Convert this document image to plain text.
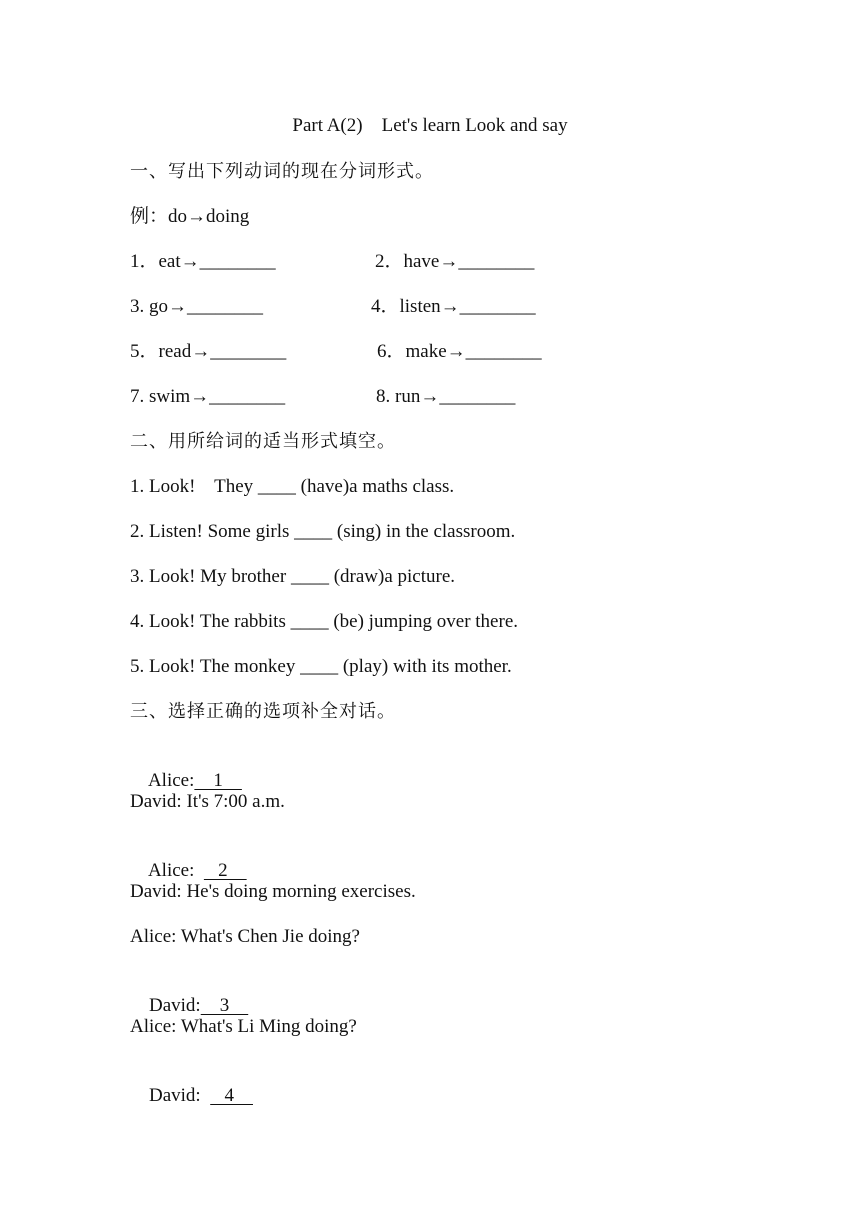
Part A(2)    Let's learn Look and say
一、写出下列动词的现在分词形式。
例：do→doing
1．eat→________	2．have→________
3. go→________	4．listen→________
5．read→________	6．make→________
7. swim→________	8. run→________
二、用所给词的适当形式填空。
1. Look!    They ____ (have)a maths class.
2. Listen! Some girls ____ (sing) in the classroom.
3. Look! My brother ____ (draw)a picture.
4. Look! The rabbits ____ (be) jumping over there.
5. Look! The monkey ____ (play) with its mother.
三、选择正确的选项补全对话。

Alice:    1

David: It's 7:00 a.m.

Alice:     2

David: He's doing morning exercises.
Alice: What's Chen Jie doing?

David:    3

Alice: What's Li Ming doing?

David:     4
